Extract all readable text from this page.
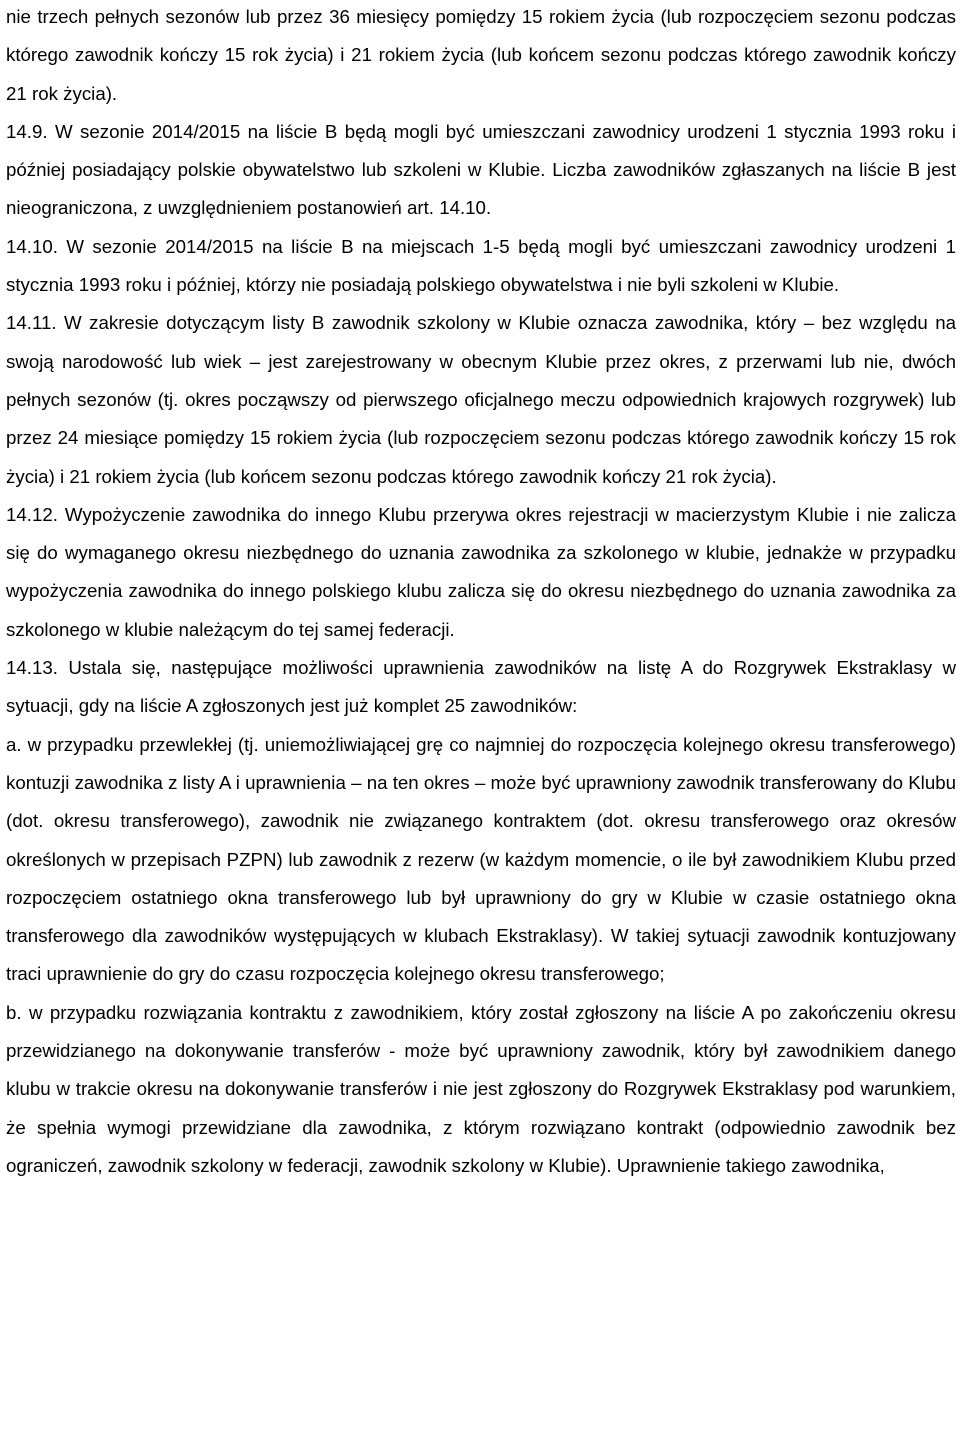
nie trzech pełnych sezonów lub przez 36 miesięcy pomiędzy 15 rokiem życia (lub rozpoczęciem sezonu podczas którego zawodnik kończy 15 rok życia) i 21 rokiem życia (lub końcem sezonu podczas którego zawodnik kończy 21 rok życia).

14.9. W sezonie 2014/2015 na liście B będą mogli być umieszczani zawodnicy urodzeni 1 stycznia 1993 roku i później posiadający polskie obywatelstwo lub szkoleni w Klubie. Liczba zawodników zgłaszanych na liście B jest nieograniczona, z uwzględnieniem postanowień art. 14.10.

14.10. W sezonie 2014/2015 na liście B na miejscach 1-5 będą mogli być umieszczani zawodnicy urodzeni 1 stycznia 1993 roku i później, którzy nie posiadają polskiego obywatelstwa i nie byli szkoleni w Klubie.

14.11. W zakresie dotyczącym listy B zawodnik szkolony w Klubie oznacza zawodnika, który – bez względu na swoją narodowość lub wiek – jest zarejestrowany w obecnym Klubie przez okres, z przerwami lub nie, dwóch pełnych sezonów (tj. okres począwszy od pierwszego oficjalnego meczu odpowiednich krajowych rozgrywek) lub przez 24 miesiące pomiędzy 15 rokiem życia (lub rozpoczęciem sezonu podczas którego zawodnik kończy 15 rok życia) i 21 rokiem życia (lub końcem sezonu podczas którego zawodnik kończy 21 rok życia).

14.12. Wypożyczenie zawodnika do innego Klubu przerywa okres rejestracji w macierzystym Klubie i nie zalicza się do wymaganego okresu niezbędnego do uznania zawodnika za szkolonego w klubie, jednakże w przypadku wypożyczenia zawodnika do innego polskiego klubu zalicza się do okresu niezbędnego do uznania zawodnika za szkolonego w klubie należącym do tej samej federacji.

14.13. Ustala się, następujące możliwości uprawnienia zawodników na listę A do Rozgrywek Ekstraklasy w sytuacji, gdy na liście A zgłoszonych jest już komplet 25 zawodników:

a. w przypadku przewlekłej (tj. uniemożliwiającej grę co najmniej do rozpoczęcia kolejnego okresu transferowego) kontuzji zawodnika z listy A i uprawnienia – na ten okres – może być uprawniony zawodnik transferowany do Klubu (dot. okresu transferowego), zawodnik nie związanego kontraktem (dot. okresu transferowego oraz okresów określonych w przepisach PZPN) lub zawodnik z rezerw (w każdym momencie, o ile był zawodnikiem Klubu przed rozpoczęciem ostatniego okna transferowego lub był uprawniony do gry w Klubie w czasie ostatniego okna transferowego dla zawodników występujących w klubach Ekstraklasy). W takiej sytuacji zawodnik kontuzjowany traci uprawnienie do gry do czasu rozpoczęcia kolejnego okresu transferowego;

b. w przypadku rozwiązania kontraktu z zawodnikiem, który został zgłoszony na liście A po zakończeniu okresu przewidzianego na dokonywanie transferów - może być uprawniony zawodnik, który był zawodnikiem danego klubu w trakcie okresu na dokonywanie transferów i nie jest zgłoszony do Rozgrywek Ekstraklasy pod warunkiem, że spełnia wymogi przewidziane dla zawodnika, z którym rozwiązano kontrakt (odpowiednio zawodnik bez ograniczeń, zawodnik szkolony w federacji, zawodnik szkolony w Klubie). Uprawnienie takiego zawodnika,
